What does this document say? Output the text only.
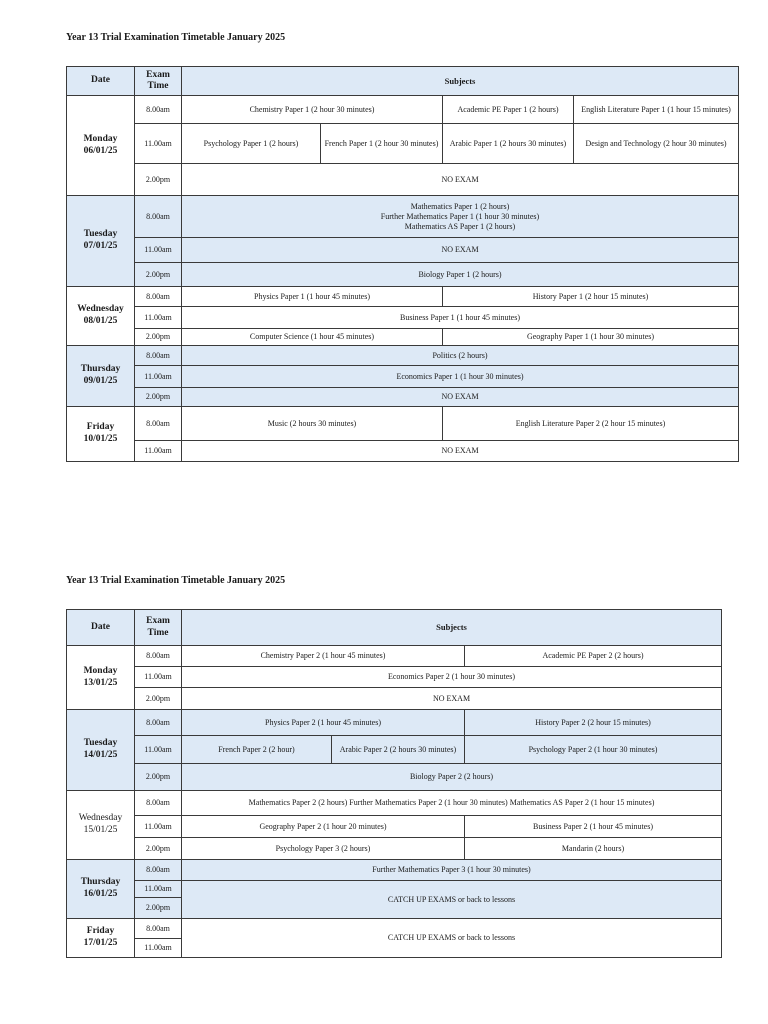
Year 13 Trial Examination Timetable January 2025
Date	Exam Time	Subjects			
Monday
06/01/25	8.00am	Chemistry Paper 1 (2 hour 30 minutes)		Academic PE Paper 1 (2 hours)	English Literature Paper 1 (1 hour 15 minutes)
	11.00am	Psychology Paper 1 (2 hours)	French Paper 1 (2 hour 30 minutes)	Arabic Paper 1 (2 hours 30 minutes)	Design and Technology (2 hour 30 minutes)
	2.00pm	NO EXAM			
Tuesday
07/01/25	8.00am	Mathematics Paper 1 (2 hours)
Further Mathematics Paper 1 (1 hour 30 minutes)
Mathematics AS Paper 1 (2 hours)			

	11.00am	NO EXAM			
	2.00pm	Biology Paper 1 (2 hours)			
Wednesday
08/01/25	8.00am	Physics Paper 1 (1 hour 45 minutes)		History Paper 1 (2 hour 15 minutes)	
	11.00am	Business Paper 1 (1 hour 45 minutes)			
	2.00pm	Computer Science (1 hour 45 minutes)		Geography Paper 1 (1 hour 30 minutes)	
Thursday
09/01/25	8.00am	Politics (2 hours)			
	11.00am	Economics Paper 1 (1 hour 30 minutes)			
	2.00pm	NO EXAM			
Friday
10/01/25	8.00am	Music (2 hours 30 minutes)		English Literature Paper 2 (2 hour 15 minutes)	
	11.00am	NO EXAM			
Year 13 Trial Examination Timetable January 2025
Date	Exam Time	Subjects		
Monday
13/01/25	8.00am	Chemistry Paper 2 (1 hour 45 minutes)		Academic PE Paper 2 (2 hours)
	11.00am	Economics Paper 2 (1 hour 30 minutes)		
	2.00pm	NO EXAM		
Tuesday
14/01/25	8.00am	Physics Paper 2 (1 hour 45 minutes)		History Paper 2 (2 hour 15 minutes)
	11.00am	French Paper 2 (2 hour)	Arabic Paper 2 (2 hours 30 minutes)	Psychology Paper 2 (1 hour 30 minutes)
	2.00pm	Biology Paper 2 (2 hours)		
Wednesday
15/01/25	8.00am	Mathematics Paper 2 (2 hours) Further Mathematics Paper 2 (1 hour 30 minutes) Mathematics AS Paper 2 (1 hour 15 minutes)		
	11.00am	Geography Paper 2 (1 hour 20 minutes)		Business Paper 2 (1 hour 45 minutes)
	2.00pm	Psychology Paper 3 (2 hours)		Mandarin (2 hours)
Thursday
16/01/25	8.00am	Further Mathematics Paper 3 (1 hour 30 minutes)		
	11.00am	CATCH UP EXAMS or back to lessons		
	2.00pm			
Friday
17/01/25	8.00am	CATCH UP EXAMS or back to lessons		
	11.00am			
